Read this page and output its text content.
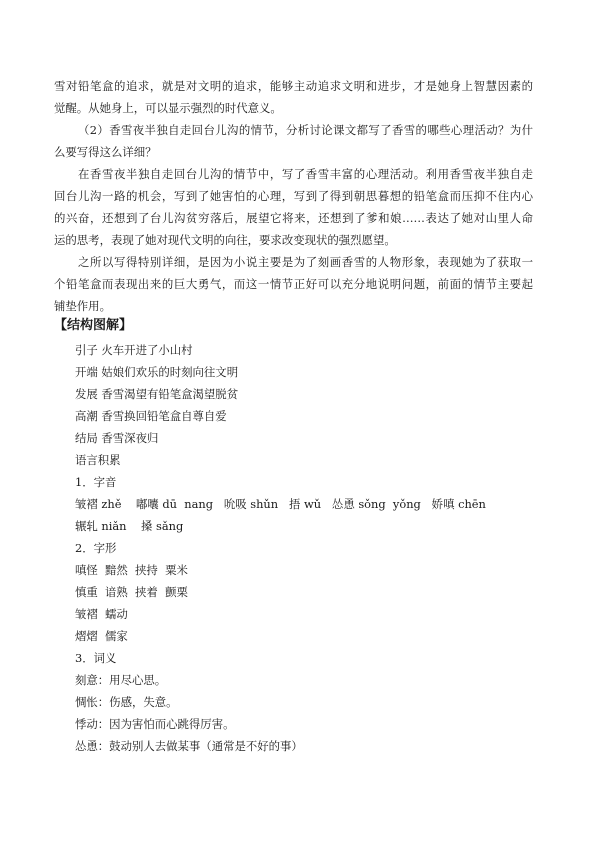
雪对铅笔盒的追求，就是对文明的追求，能够主动追求文明和进步，才是她身上智慧因素的
觉醒。从她身上，可以显示强烈的时代意义。
（2）香雪夜半独自走回台儿沟的情节，分析讨论课文都写了香雪的哪些心理活动？为什
么要写得这么详细？
在香雪夜半独自走回台儿沟的情节中，写了香雪丰富的心理活动。利用香雪夜半独自走
回台儿沟一路的机会，写到了她害怕的心理，写到了得到朝思暮想的铅笔盒而压抑不住内心
的兴奋，还想到了台儿沟贫穷落后，展望它将来，还想到了爹和娘……表达了她对山里人命
运的思考，表现了她对现代文明的向往，要求改变现状的强烈愿望。
之所以写得特别详细，是因为小说主要是为了刻画香雪的人物形象，表现她为了获取一
个铅笔盒而表现出来的巨大勇气，而这一情节正好可以充分地说明问题，前面的情节主要起
铺垫作用。
【结构图解】
引子 火车开进了小山村
开端 姑娘们欢乐的时刻向往文明
发展 香雪渴望有铅笔盒渴望脱贫
高潮 香雪换回铅笔盒自尊自爱
结局 香雪深夜归
语言积累
1．字音
皱褶 zhě    嘟囔 dū  nang   吮吸 shǔn   捂 wǔ   怂恿 sǒng  yǒng   娇嗔 chēn
辗轧 niǎn    搡 sǎng
2．字形
嗔怪  黯然  挟持  粟米
慎重  谙熟  挟着  颤栗
皱褶  蠕动
熠熠  儒家
3．词义
刻意：用尽心思。
惆怅：伤感，失意。
悸动：因为害怕而心跳得厉害。
怂恿：鼓动别人去做某事（通常是不好的事）
